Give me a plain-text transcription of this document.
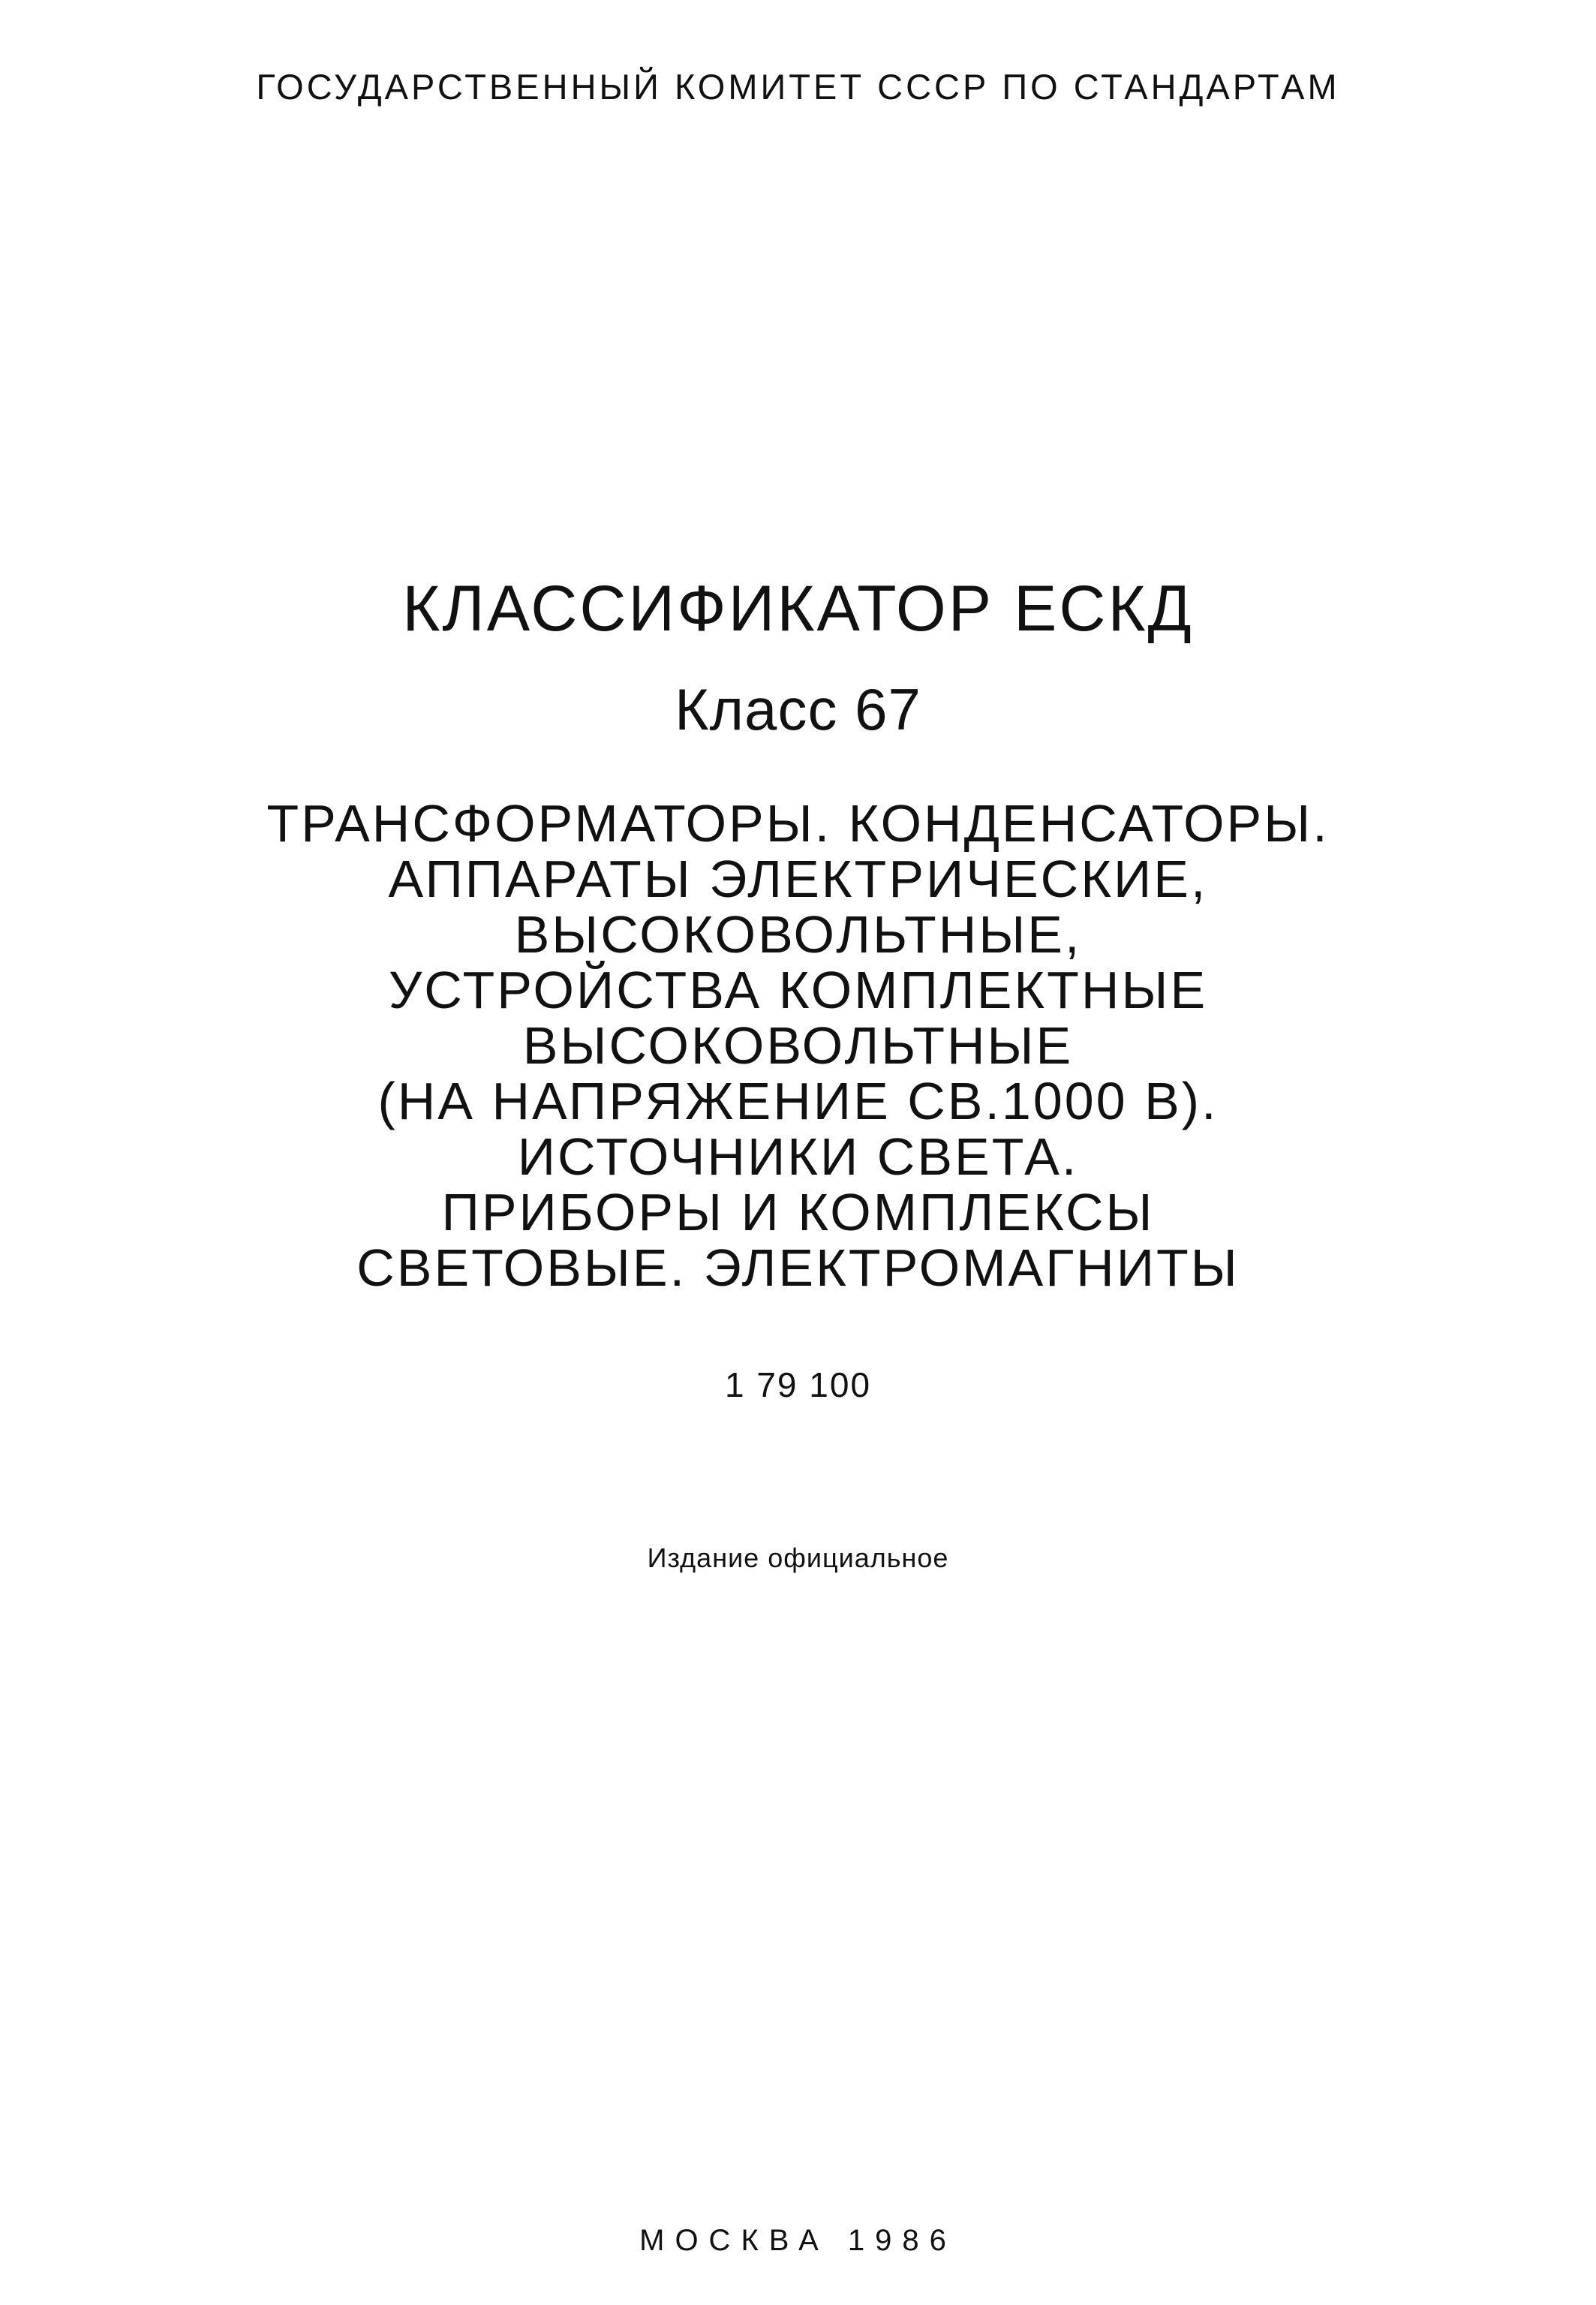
ГОСУДАРСТВЕННЫЙ КОМИТЕТ СССР ПО СТАНДАРТАМ
КЛАССИФИКАТОР ЕСКД
Класс 67
ТРАНСФОРМАТОРЫ. КОНДЕНСАТОРЫ.
АППАРАТЫ ЭЛЕКТРИЧЕСКИЕ,
ВЫСОКОВОЛЬТНЫЕ,
УСТРОЙСТВА КОМПЛЕКТНЫЕ
ВЫСОКОВОЛЬТНЫЕ
(НА НАПРЯЖЕНИЕ СВ.1000 В).
ИСТОЧНИКИ СВЕТА.
ПРИБОРЫ И КОМПЛЕКСЫ
СВЕТОВЫЕ. ЭЛЕКТРОМАГНИТЫ
1 79 100
Издание официальное
МОСКВА 1986
